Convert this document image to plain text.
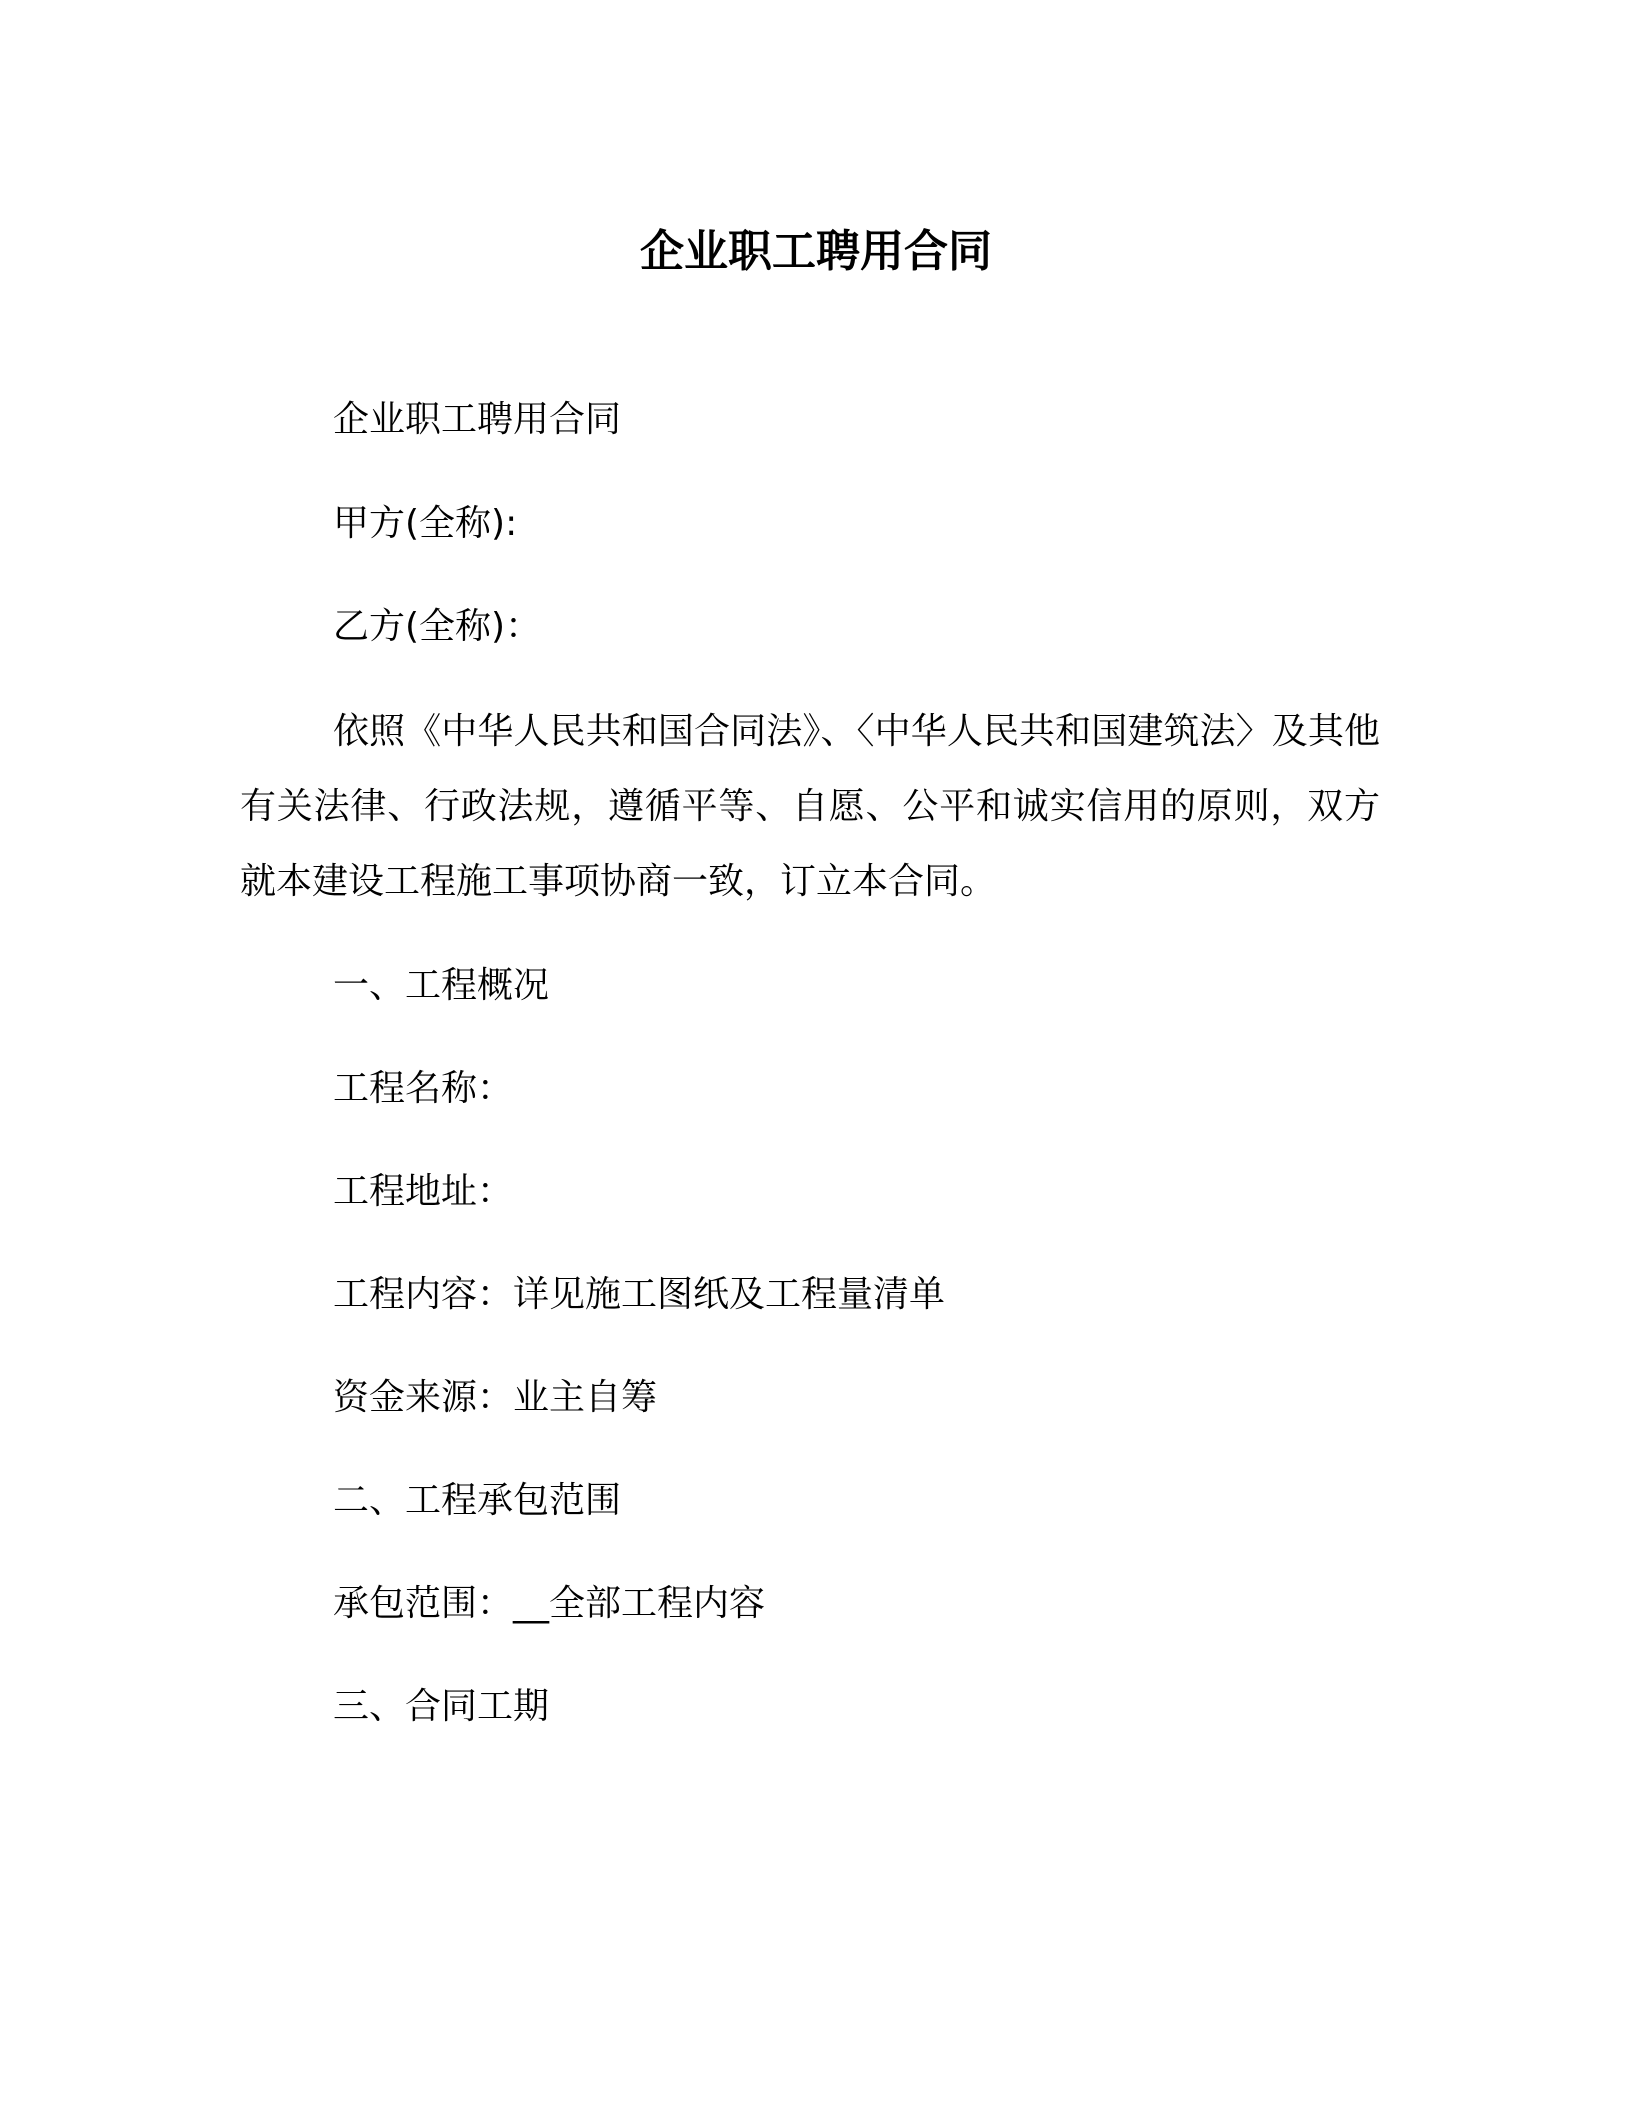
企业职工聘用合同

企业职工聘用合同

甲方(全称):

乙方(全称)：

依照《中华人民共和国合同法》、〈中华人民共和国建筑法〉及其他有关法律、行政法规，遵循平等、自愿、公平和诚实信用的原则，双方就本建设工程施工事项协商一致，订立本合同。

一、工程概况

工程名称：

工程地址：

工程内容：详见施工图纸及工程量清单

资金来源：业主自筹

二、工程承包范围

承包范围：__全部工程内容

三、合同工期
